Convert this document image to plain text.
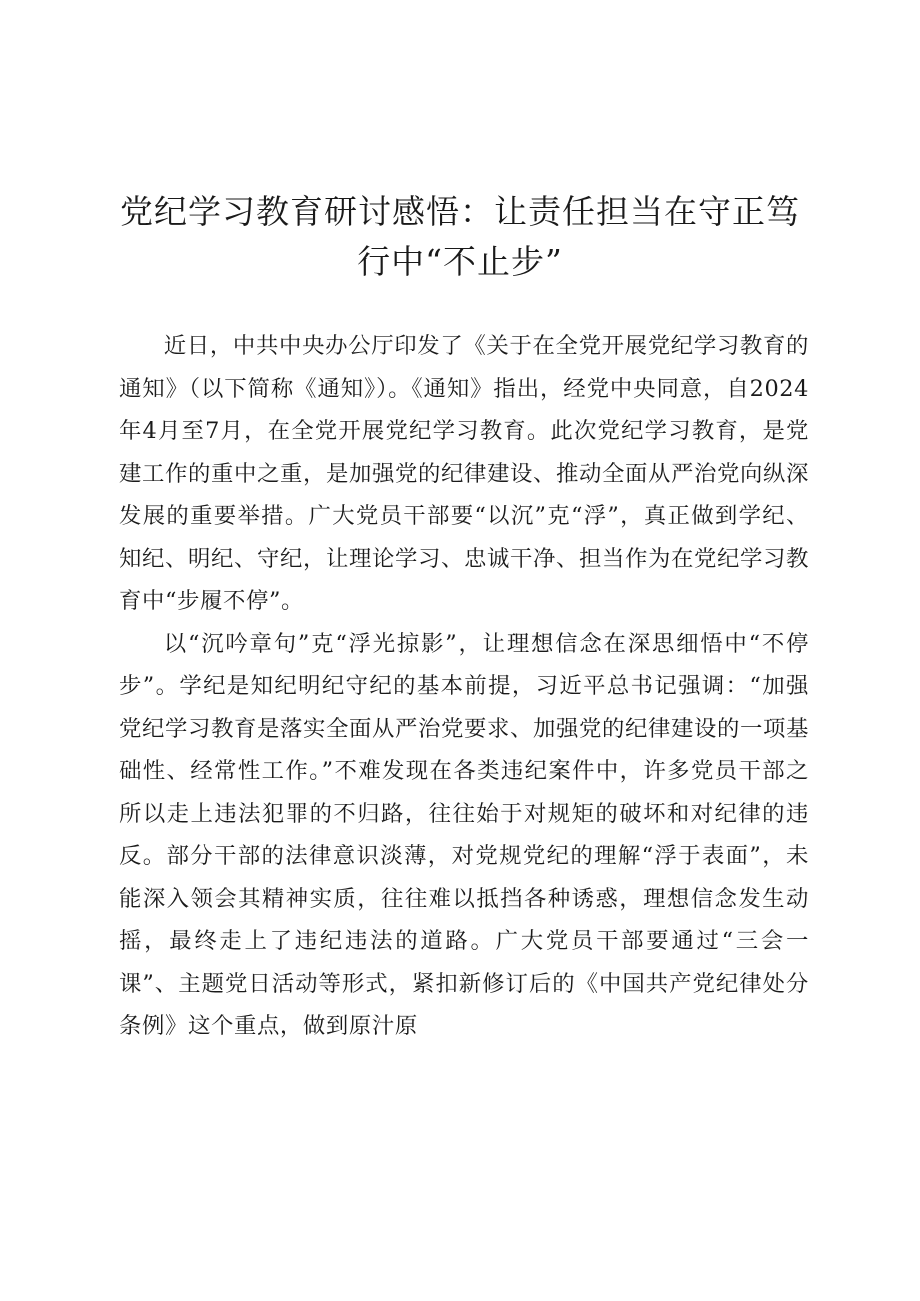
党纪学习教育研讨感悟：让责任担当在守正笃行中“不止步”

近日，中共中央办公厅印发了《关于在全党开展党纪学习教育的通知》（以下简称《通知》）。《通知》指出，经党中央同意，自2024年4月至7月，在全党开展党纪学习教育。此次党纪学习教育，是党建工作的重中之重，是加强党的纪律建设、推动全面从严治党向纵深发展的重要举措。广大党员干部要“以沉”克“浮”，真正做到学纪、知纪、明纪、守纪，让理论学习、忠诚干净、担当作为在党纪学习教育中“步履不停”。

以“沉吟章句”克“浮光掠影”，让理想信念在深思细悟中“不停步”。学纪是知纪明纪守纪的基本前提，习近平总书记强调：“加强党纪学习教育是落实全面从严治党要求、加强党的纪律建设的一项基础性、经常性工作。”不难发现在各类违纪案件中，许多党员干部之所以走上违法犯罪的不归路，往往始于对规矩的破坏和对纪律的违反。部分干部的法律意识淡薄，对党规党纪的理解“浮于表面”，未能深入领会其精神实质，往往难以抵挡各种诱惑，理想信念发生动摇，最终走上了违纪违法的道路。广大党员干部要通过“三会一课”、主题党日活动等形式，紧扣新修订后的《中国共产党纪律处分条例》这个重点，做到原汁原
